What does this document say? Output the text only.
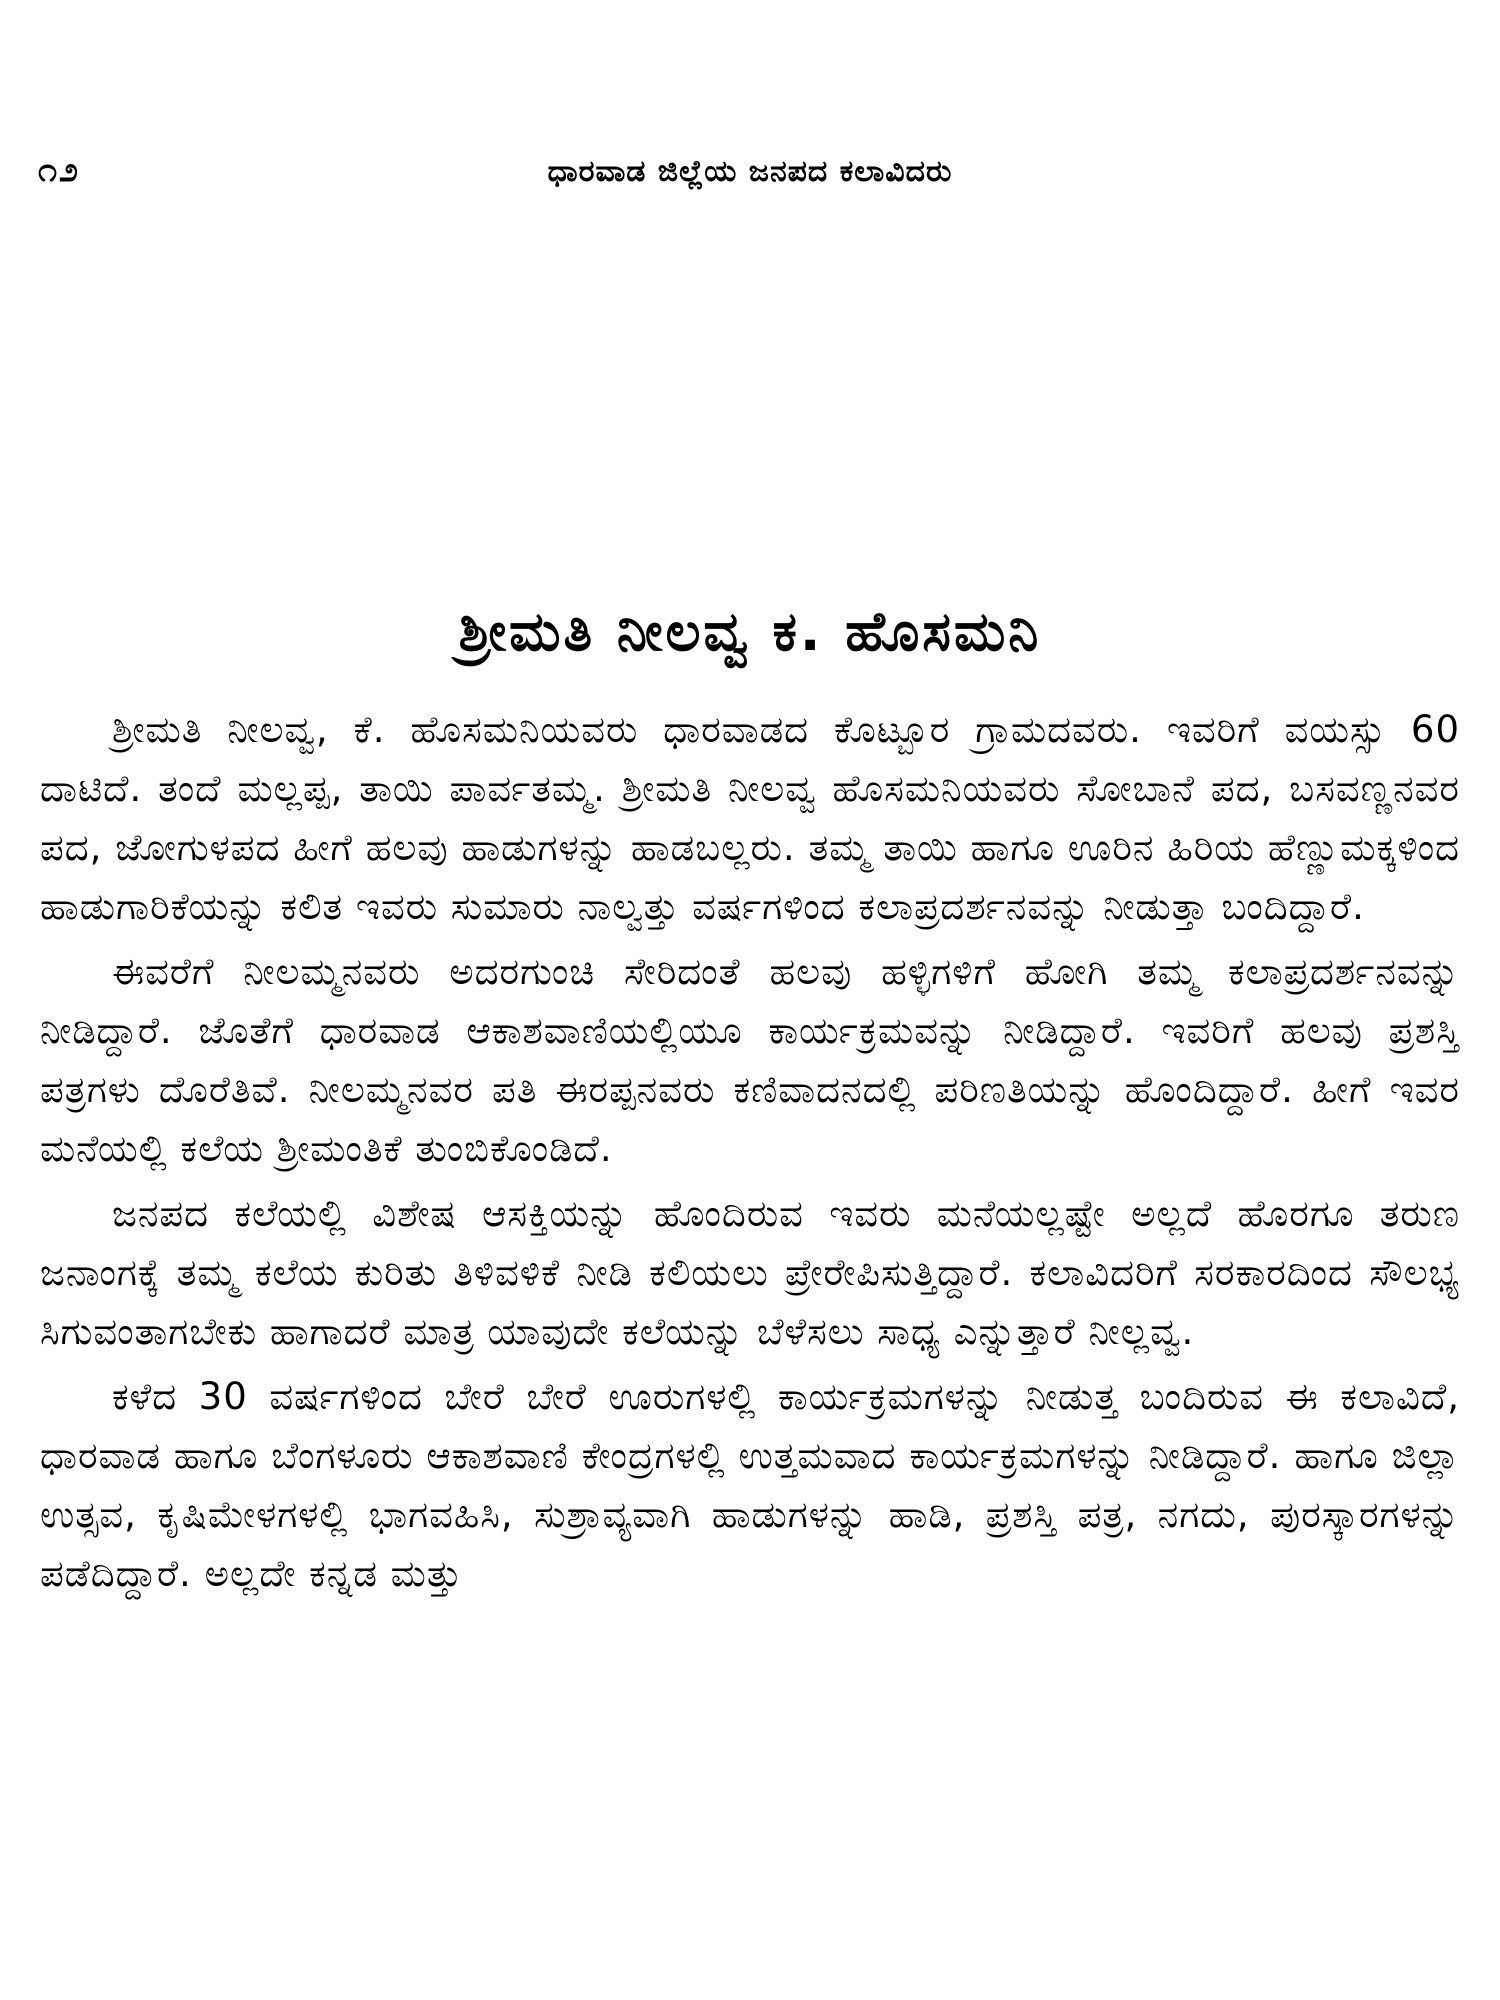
೧೨	ಧಾರವಾಡ ಜಿಲ್ಲೆಯ ಜನಪದ ಕಲಾವಿದರು
ಶ್ರೀಮತಿ ನೀಲವ್ವ ಕ. ಹೊಸಮನಿ

ಶ್ರೀಮತಿ ನೀಲವ್ವ, ಕೆ. ಹೊಸಮನಿಯವರು ಧಾರವಾಡದ ಕೊಟ್ಬೂರ ಗ್ರಾಮದವರು. ಇವರಿಗೆ ವಯಸ್ಸು 60 ದಾಟಿದೆ. ತಂದೆ ಮಲ್ಲಪ್ಪ, ತಾಯಿ ಪಾರ್ವತಮ್ಮ. ಶ್ರೀಮತಿ ನೀಲವ್ವ ಹೊಸಮನಿಯವರು ಸೋಬಾನೆ ಪದ, ಬಸವಣ್ಣನವರ ಪದ, ಜೋಗುಳಪದ ಹೀಗೆ ಹಲವು ಹಾಡುಗಳನ್ನು ಹಾಡಬಲ್ಲರು. ತಮ್ಮ ತಾಯಿ ಹಾಗೂ ಊರಿನ ಹಿರಿಯ ಹೆಣ್ಣುಮಕ್ಕಳಿಂದ ಹಾಡುಗಾರಿಕೆಯನ್ನು ಕಲಿತ ಇವರು ಸುಮಾರು ನಾಲ್ವತ್ತು ವರ್ಷಗಳಿಂದ ಕಲಾಪ್ರದರ್ಶನವನ್ನು ನೀಡುತ್ತಾ ಬಂದಿದ್ದಾರೆ.

ಈವರೆಗೆ ನೀಲಮ್ಮನವರು ಅದರಗುಂಚಿ ಸೇರಿದಂತೆ ಹಲವು ಹಳ್ಳಿಗಳಿಗೆ ಹೋಗಿ ತಮ್ಮ ಕಲಾಪ್ರದರ್ಶನವನ್ನು ನೀಡಿದ್ದಾರೆ. ಜೊತೆಗೆ ಧಾರವಾಡ ಆಕಾಶವಾಣಿಯಲ್ಲಿಯೂ ಕಾರ್ಯಕ್ರಮವನ್ನು ನೀಡಿದ್ದಾರೆ. ಇವರಿಗೆ ಹಲವು ಪ್ರಶಸ್ತಿ ಪತ್ರಗಳು ದೊರೆತಿವೆ. ನೀಲಮ್ಮನವರ ಪತಿ ಈರಪ್ಪನವರು ಕಣಿವಾದನದಲ್ಲಿ ಪರಿಣತಿಯನ್ನು ಹೊಂದಿದ್ದಾರೆ. ಹೀಗೆ ಇವರ ಮನೆಯಲ್ಲಿ ಕಲೆಯ ಶ್ರೀಮಂತಿಕೆ ತುಂಬಿಕೊಂಡಿದೆ.

ಜನಪದ ಕಲೆಯಲ್ಲಿ ವಿಶೇಷ ಆಸಕ್ತಿಯನ್ನು ಹೊಂದಿರುವ ಇವರು ಮನೆಯಲ್ಲಷ್ಟೇ ಅಲ್ಲದೆ ಹೊರಗೂ ತರುಣ ಜನಾಂಗಕ್ಕೆ ತಮ್ಮ ಕಲೆಯ ಕುರಿತು ತಿಳಿವಳಿಕೆ ನೀಡಿ ಕಲಿಯಲು ಪ್ರೇರೇಪಿಸುತ್ತಿದ್ದಾರೆ. ಕಲಾವಿದರಿಗೆ ಸರಕಾರದಿಂದ ಸೌಲಭ್ಯ ಸಿಗುವಂತಾಗಬೇಕು ಹಾಗಾದರೆ ಮಾತ್ರ ಯಾವುದೇ ಕಲೆಯನ್ನು ಬೆಳೆಸಲು ಸಾಧ್ಯ ಎನ್ನುತ್ತಾರೆ ನೀಲ್ಲವ್ವ.

ಕಳೆದ 30 ವರ್ಷಗಳಿಂದ ಬೇರೆ ಬೇರೆ ಊರುಗಳಲ್ಲಿ ಕಾರ್ಯಕ್ರಮಗಳನ್ನು ನೀಡುತ್ತ ಬಂದಿರುವ ಈ ಕಲಾವಿದೆ, ಧಾರವಾಡ ಹಾಗೂ ಬೆಂಗಳೂರು ಆಕಾಶವಾಣಿ ಕೇಂದ್ರಗಳಲ್ಲಿ ಉತ್ತಮವಾದ ಕಾರ್ಯಕ್ರಮಗಳನ್ನು ನೀಡಿದ್ದಾರೆ. ಹಾಗೂ ಜಿಲ್ಲಾ ಉತ್ಸವ, ಕೃಷಿಮೇಳಗಳಲ್ಲಿ ಭಾಗವಹಿಸಿ, ಸುಶ್ರಾವ್ಯವಾಗಿ ಹಾಡುಗಳನ್ನು ಹಾಡಿ, ಪ್ರಶಸ್ತಿ ಪತ್ರ, ನಗದು, ಪುರಸ್ಕಾರಗಳನ್ನು ಪಡೆದಿದ್ದಾರೆ. ಅಲ್ಲದೇ ಕನ್ನಡ ಮತ್ತು
